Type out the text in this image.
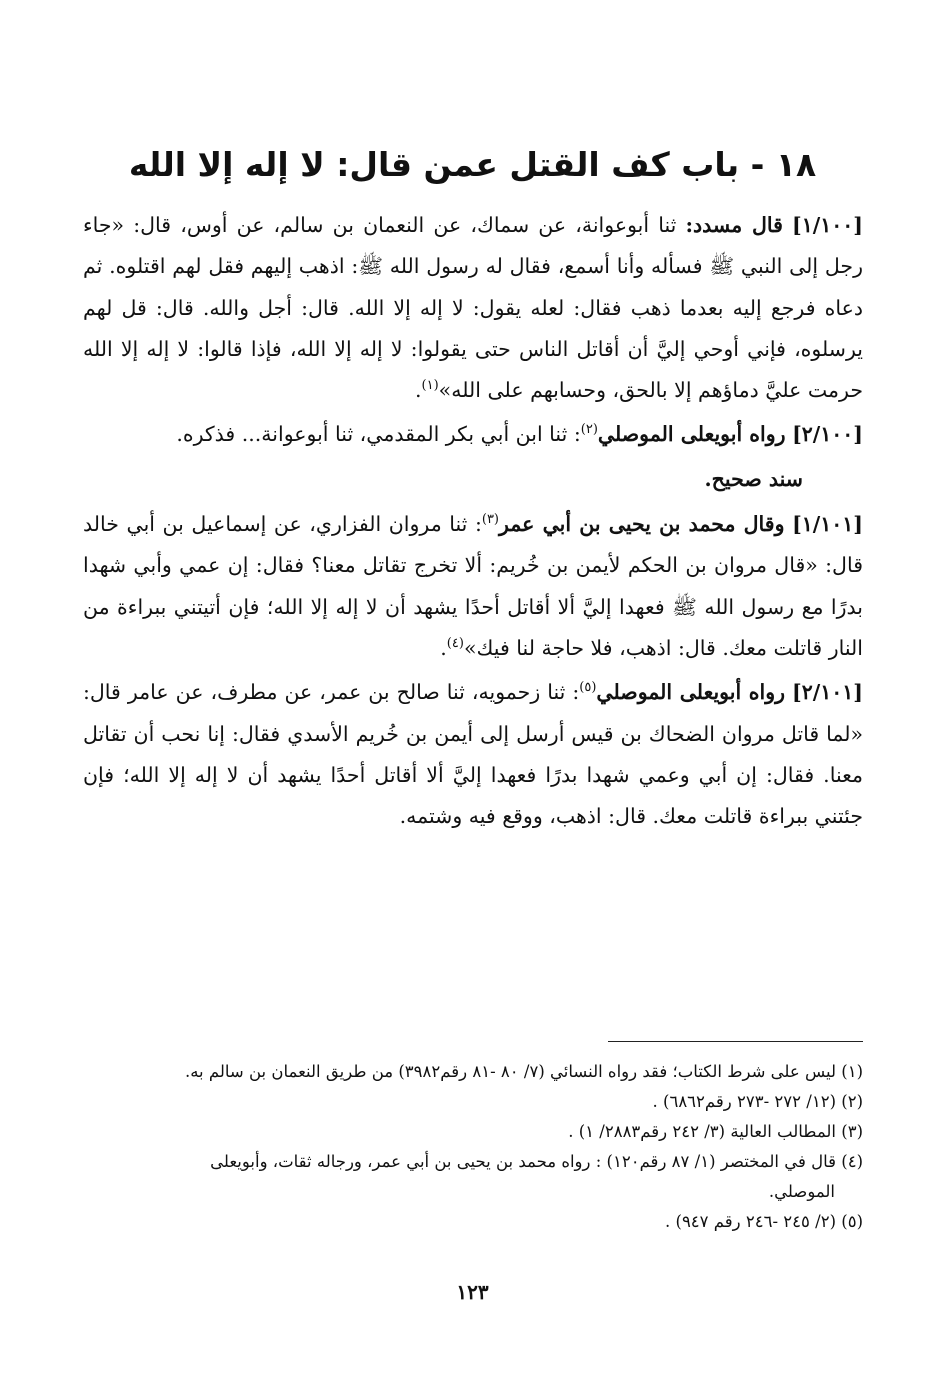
١٨ - باب كف القتل عمن قال: لا إله إلا الله

[١/١٠٠] قال مسدد: ثنا أبوعوانة، عن سماك، عن النعمان بن سالم، عن أوس، قال: «جاء رجل إلى النبي ﷺ فسأله وأنا أسمع، فقال له رسول الله ﷺ: اذهب إليهم فقل لهم اقتلوه. ثم دعاه فرجع إليه بعدما ذهب فقال: لعله يقول: لا إله إلا الله. قال: أجل والله. قال: قل لهم يرسلوه، فإني أوحي إليَّ أن أقاتل الناس حتى يقولوا: لا إله إلا الله، فإذا قالوا: لا إله إلا الله حرمت عليَّ دماؤهم إلا بالحق، وحسابهم على الله»$^{(١)}$.

[٢/١٠٠] رواه أبويعلى الموصلي$^{(٢)}$: ثنا ابن أبي بكر المقدمي، ثنا أبوعوانة... فذكره.

سند صحيح.

[١/١٠١] وقال محمد بن يحيى بن أبي عمر$^{(٣)}$: ثنا مروان الفزاري، عن إسماعيل بن أبي خالد قال: «قال مروان بن الحكم لأيمن بن خُريم: ألا تخرج تقاتل معنا؟ فقال: إن عمي وأبي شهدا بدرًا مع رسول الله ﷺ فعهدا إليَّ ألا أقاتل أحدًا يشهد أن لا إله إلا الله؛ فإن أتيتني ببراءة من النار قاتلت معك. قال: اذهب، فلا حاجة لنا فيك»$^{(٤)}$.

[٢/١٠١] رواه أبويعلى الموصلي$^{(٥)}$: ثنا زحمويه، ثنا صالح بن عمر، عن مطرف، عن عامر قال: «لما قاتل مروان الضحاك بن قيس أرسل إلى أيمن بن خُريم الأسدي فقال: إنا نحب أن تقاتل معنا. فقال: إن أبي وعمي شهدا بدرًا فعهدا إليَّ ألا أقاتل أحدًا يشهد أن لا إله إلا الله؛ فإن جئتني ببراءة قاتلت معك. قال: اذهب، ووقع فيه وشتمه.

(١) ليس على شرط الكتاب؛ فقد رواه النسائي (٧/ ٨٠ -٨١ رقم٣٩٨٢) من طريق النعمان بن سالم به.

(٢) (١٢/ ٢٧٢ -٢٧٣ رقم٦٨٦٢) .

(٣) المطالب العالية (٣/ ٢٤٢ رقم٢٨٨٣/ ١) .

(٤) قال في المختصر (١/ ٨٧ رقم١٢٠) : رواه محمد بن يحيى بن أبي عمر، ورجاله ثقات، وأبويعلى
الموصلي.

(٥) (٢/ ٢٤٥ -٢٤٦ رقم ٩٤٧) .

١٢٣
